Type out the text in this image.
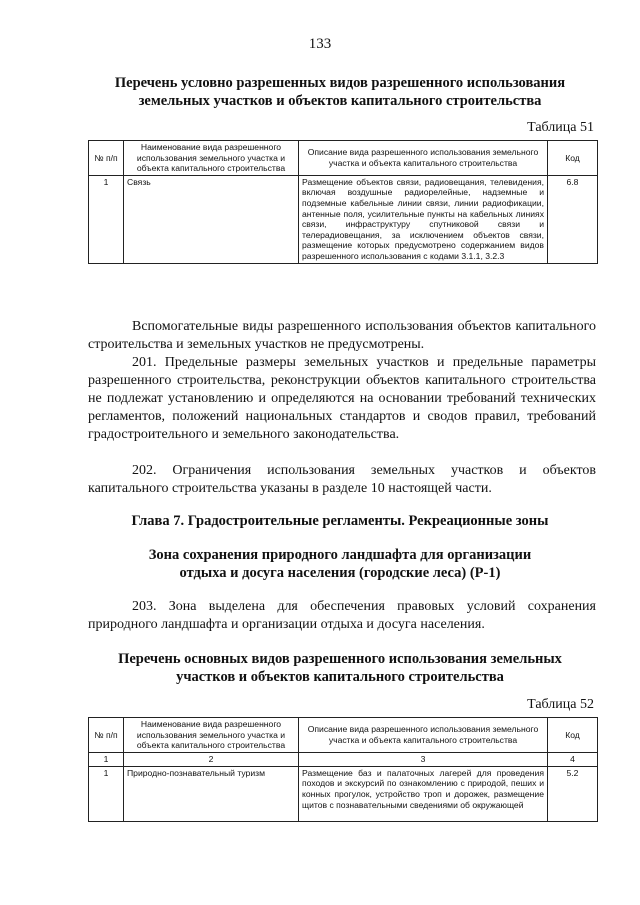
133
Перечень условно разрешенных видов разрешенного использования
земельных участков и объектов капитального строительства
Таблица 51
№ п/п	Наименование вида разрешенного использования земельного участка и объекта капитального строительства	Описание вида разрешенного использования земельного участка и объекта капитального строительства	Код
1	Связь	Размещение объектов связи, радиовещания, телевидения, включая воздушные радиорелейные, надземные и подземные кабельные линии связи, линии радиофикации, антенные поля, усилительные пункты на кабельных линиях связи, инфраструктуру спутниковой связи и телерадиовещания, за исключением объектов связи, размещение которых предусмотрено содержанием видов разрешенного использования с кодами 3.1.1, 3.2.3	6.8

Вспомогательные виды разрешенного использования объектов капитального строительства и земельных участков не предусмотрены.

201. Предельные размеры земельных участков и предельные параметры разрешенного строительства, реконструкции объектов капитального строительства не подлежат установлению и определяются на основании требований технических регламентов, положений национальных стандартов и сводов правил, требований градостроительного и земельного законодательства.

202. Ограничения использования земельных участков и объектов капитального строительства указаны в разделе 10 настоящей части.

Глава 7. Градостроительные регламенты. Рекреационные зоны
Зона сохранения природного ландшафта для организации
отдыха и досуга населения (городские леса) (Р-1)

203. Зона выделена для обеспечения правовых условий сохранения природного ландшафта и организации отдыха и досуга населения.

Перечень основных видов разрешенного использования земельных
участков и объектов капитального строительства
Таблица 52
№ п/п	Наименование вида разрешенного использования земельного участка и объекта капитального строительства	Описание вида разрешенного использования земельного участка и объекта капитального строительства	Код
1	2	3	4
1	Природно-познавательный туризм	Размещение баз и палаточных лагерей для проведения походов и экскурсий по ознакомлению с природой, пеших и конных прогулок, устройство троп и дорожек, размещение щитов с познавательными сведениями об окружающей	5.2
